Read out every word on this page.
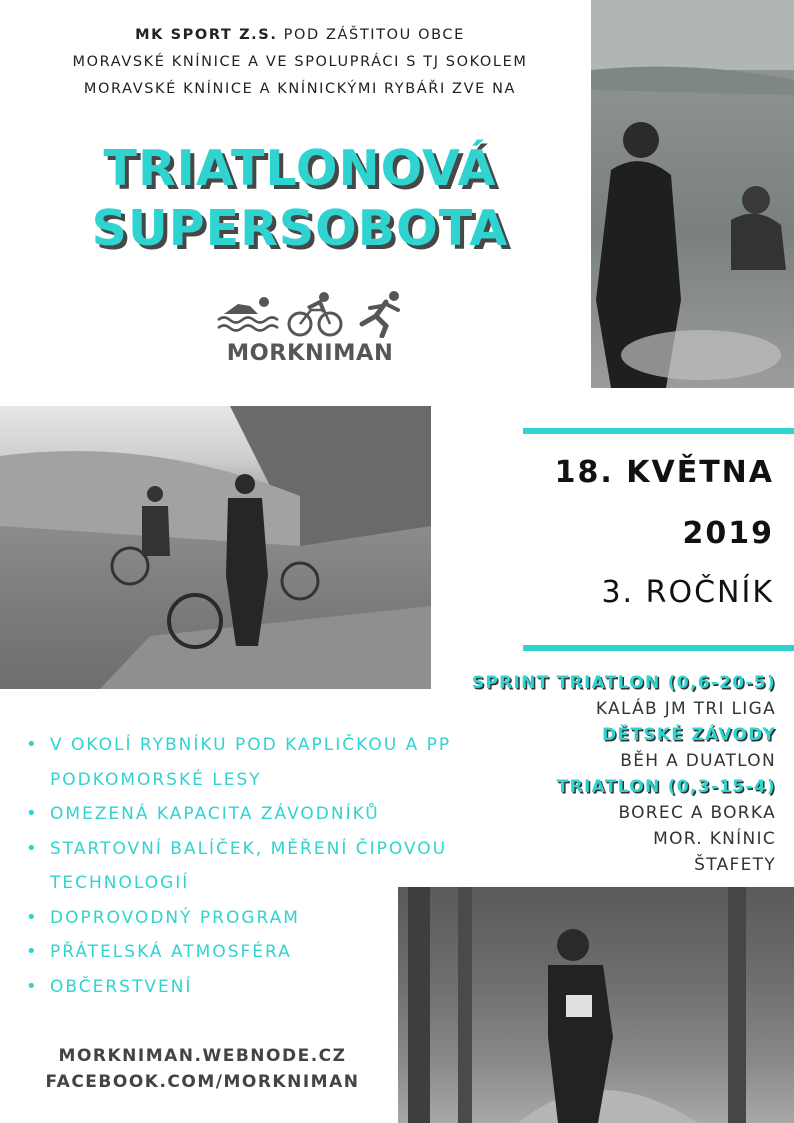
MK SPORT Z.S. POD ZÁŠTITOU OBCE
MORAVSKÉ KNÍNICE A VE SPOLUPRÁCI S TJ SOKOLEM
MORAVSKÉ KNÍNICE A KNÍNICKÝMI RYBÁŘI ZVE NA
TRIATLONOVÁ
SUPERSOBOTA
MORKNIMAN
18. KVĚTNA
2019
3. ROČNÍK
SPRINT TRIATLON (0,6-20-5)
KALÁB JM TRI LIGA
DĚTSKÉ ZÁVODY
BĚH A DUATLON
TRIATLON (0,3-15-4)
BOREC A BORKA
MOR. KNÍNIC
ŠTAFETY
• V OKOLÍ RYBNÍKU POD KAPLIČKOU A PP PODKOMORSKÉ LESY
• OMEZENÁ KAPACITA ZÁVODNÍKŮ
• STARTOVNÍ BALÍČEK, MĚŘENÍ ČIPOVOU TECHNOLOGIÍ
• DOPROVODNÝ PROGRAM
• PŘÁTELSKÁ ATMOSFÉRA
• OBČERSTVENÍ
MORKNIMAN.WEBNODE.CZ
FACEBOOK.COM/MORKNIMAN
